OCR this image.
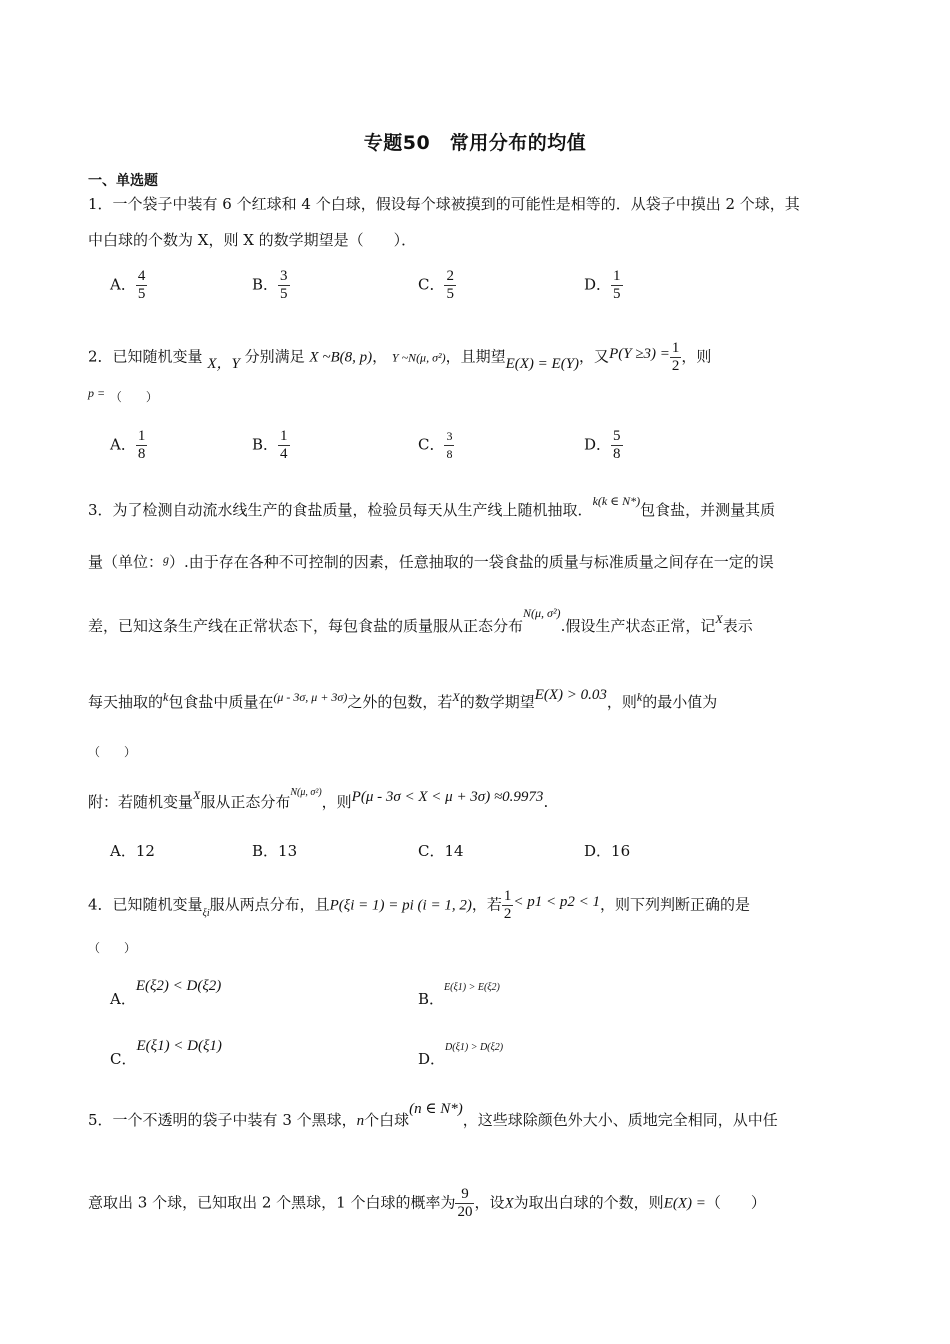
专题50　常用分布的均值
一、单选题
1．一个袋子中装有 6 个红球和 4 个白球，假设每个球被摸到的可能性是相等的．从袋子中摸出 2 个球，其
中白球的个数为 X，则 X 的数学期望是（　　）．
A． $\frac{4}{5}$	B． $\frac{3}{5}$	C． $\frac{2}{5}$	D． $\frac{1}{5}$
2．已知随机变量 X，Y 分别满足 X ~B(8, p)， Y ~N(μ, σ²)，且期望E(X) = E(Y)，又$P(Y \ge 3) = \frac{1}{2}$ ，则
$^{p =}$ （　　）
A． $\frac{1}{8}$	B． $\frac{1}{4}$	C． $\frac{3}{8}$	D． $\frac{5}{8}$
3．为了检测自动流水线生产的食盐质量，检验员每天从生产线上随机抽取．$^{k(k \in N*)}$包食盐，并测量其质
量（单位：$^g$）.由于存在各种不可控制的因素，任意抽取的一袋食盐的质量与标准质量之间存在一定的误
差，已知这条生产线在正常状态下，每包食盐的质量服从正态分布$^{N(\mu, \sigma^2)}$.假设生产状态正常，记$^X$表示
每天抽取的$^k$包食盐中质量在$^{(\mu - 3\sigma, \mu + 3\sigma)}$之外的包数，若$^X$的数学期望E(X) > 0.03，则$^k$的最小值为
（　　）
附：若随机变量$^X$服从正态分布$^{N(\mu, \sigma^2)}$，则P(μ - 3σ < X < μ + 3σ) ≈0.9973.
A．12	B．13	C．14	D．16
4．已知随机变量$_{\xi i}$服从两点分布，且P(ξi = 1) = pi (i = 1, 2)，若 $\frac{1}{2} < p1 < p2 < 1$，则下列判断正确的是
（　　）
A．E(ξ2) < D(ξ2)
B．E(ξ1) > E(ξ2)
C．E(ξ1) < D(ξ1)
D．D(ξ1) > D(ξ2)
5．一个不透明的袋子中装有 3 个黑球，n个白球(n ∈ N*)，这些球除颜色外大小、质地完全相同，从中任
意取出 3 个球，已知取出 2 个黑球，1 个白球的概率为 $\frac{9}{20}$ ，设X为取出白球的个数，则E(X) =（　　）
